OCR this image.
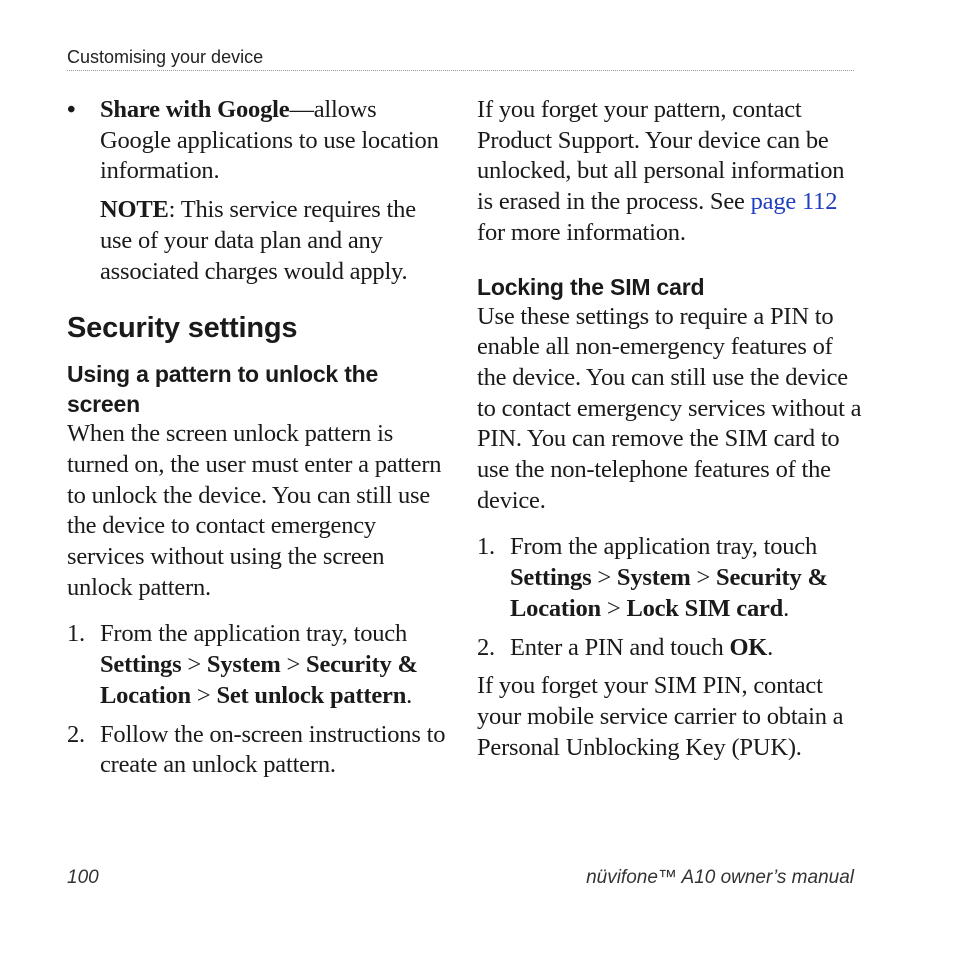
Customising your device
• Share with Google—allows Google applications to use location information.

NOTE: This service requires the use of your data plan and any associated charges would apply.

Security settings
Using a pattern to unlock the screen

When the screen unlock pattern is turned on, the user must enter a pattern to unlock the device. You can still use the device to contact emergency services without using the screen unlock pattern.

1. From the application tray, touch Settings > System > Security & Location > Set unlock pattern.

2. Follow the on-screen instructions to create an unlock pattern.

If you forget your pattern, contact Product Support. Your device can be unlocked, but all personal information is erased in the process. See page 112 for more information.

Locking the SIM card

Use these settings to require a PIN to enable all non-emergency features of the device. You can still use the device to contact emergency services without a PIN. You can remove the SIM card to use the non-telephone features of the device.

1. From the application tray, touch Settings > System > Security & Location > Lock SIM card.

2. Enter a PIN and touch OK.

If you forget your SIM PIN, contact your mobile service carrier to obtain a Personal Unblocking Key (PUK).

100	nüvifone™ A10 owner’s manual
